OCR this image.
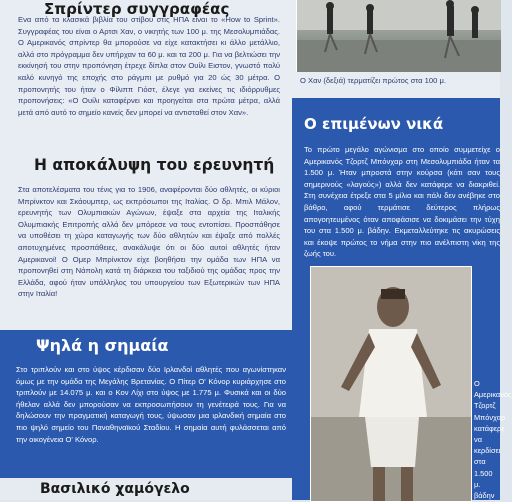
Σπρίντερ συγγραφέας

Ενα από τα κλασικά βιβλία του στίβου στις ΗΠΑ είναι το «How to Sprint». Συγγραφέας του είναι ο Αρτσι Χαν, ο νικητής των 100 μ. της Μεσολυμπιάδας. Ο Αμερικανός σπρίντερ θα μπορούσε να είχε κατακτήσει κι άλλο μετάλλιο, αλλά στο πρόγραμμα δεν υπήρχαν τα 60 μ. και τα 200 μ. Για να βελτιώσει την εκκίνησή του στην προπόνηση έτρεχε δίπλα στον Ουίλι Ειστον, γνωστό πολύ καλό κυνηγό της εποχής στο ράγμπι με ρυθμό για 20 ώς 30 μέτρα. Ο προπονητής του ήταν ο Φίλιππ Γιόστ, έλεγε για εκείνες τις ιδιόρρυθμες προπονήσεις: «Ο Ουίλι καταφέρνει και προηγείται στα πρώτα μέτρα, αλλά μετά από αυτό το σημείο κανείς δεν μπορεί να αντισταθεί στον Χαν».

Η αποκάλυψη του ερευνητή

Στα αποτελέσματα του τένις για το 1906, αναφέρονται δύο αθλητές, οι κύριοι Μπρίνκτον και Σκάουμπερ, ως εκπρόσωποι της Ιταλίας. Ο δρ. Μπιλ Μάλον, ερευνητής των Ολυμπιακών Αγώνων, έψαξε στα αρχεία της Ιταλικής Ολυμπιακής Επιτροπής αλλά δεν μπόρεσε να τους εντοπίσει. Προσπάθησε να υποθέσει τη χώρα καταγωγής των δύο αθλητών και έψαξε από πολλές αποτυχημένες προσπάθειες, ανακάλυψε ότι οι δύο αυτοί αθλητές ήταν Αμερικανοί! Ο Ομερ Μπρίνκτον είχε βοηθήσει την ομάδα των ΗΠΑ να προπονηθεί στη Νάπολη κατά τη διάρκεια του ταξιδιού της ομάδας προς την Ελλάδα, αφού ήταν υπάλληλος του υπουργείου των Εξωτερικών των ΗΠΑ στην Ιταλία!

Ψηλά η σημαία

Στο τριπλούν και στο ύψος κέρδισαν δύο Ιρλανδοί αθλητές που αγωνίστηκαν όμως με την ομάδα της Μεγάλης Βρετανίας. Ο Πίτερ Ο' Κόνορ κυριάρχησε στο τριπλούν με 14.075 μ. και ο Κον Λίχι στο ύψος με 1.775 μ. Φυσικά και οι δύο ήθελαν αλλά δεν μπορούσαν να εκπροσωπήσουν τη γενέτειρά τους. Για να δηλώσουν την πραγματική καταγωγή τους, ύψωσαν μια ιρλανδική σημαία στο πιο ψηλό σημείο του Παναθηναϊκού Σταδίου. Η σημαία αυτή φυλάσσεται από την οικογένεια Ο' Κόνορ.

Βασιλικό χαμόγελο

Ο Χαν (δεξιά) τερματίζει πρώτος στα 100 μ.

Ο επιμένων νικά

Το πρώτο μεγάλο αγώνισμα στο οποίο συμμετείχε ο Αμερικανός Τζορτζ Μπόνχαρ στη Μεσολυμπιάδα ήταν τα 1.500 μ. Ήταν μπροστά στην κούρσα (κάτι σαν τους σημερινούς «λαγούς») αλλά δεν κατάφερε να διακριθεί. Στη συνέχεια έτρεξε στα 5 μίλια και πάλι δεν ανέβηκε στο βάθρο, αφού τερμάτισε δεύτερος πλήρως απογοητευμένος όταν αποφάσισε να δοκιμάσει την τύχη του στα 1.500 μ. βάδην. Εκμεταλλεύτηκε τις ακυρώσεις και έκοψε πρώτος το νήμα στην πιο ανέλπιστη νίκη της ζωής του.

Ο Αμερικανός Τζορτζ Μπόνχαρ κατάφερε να κερδίσει στα 1.500 μ. βάδην
